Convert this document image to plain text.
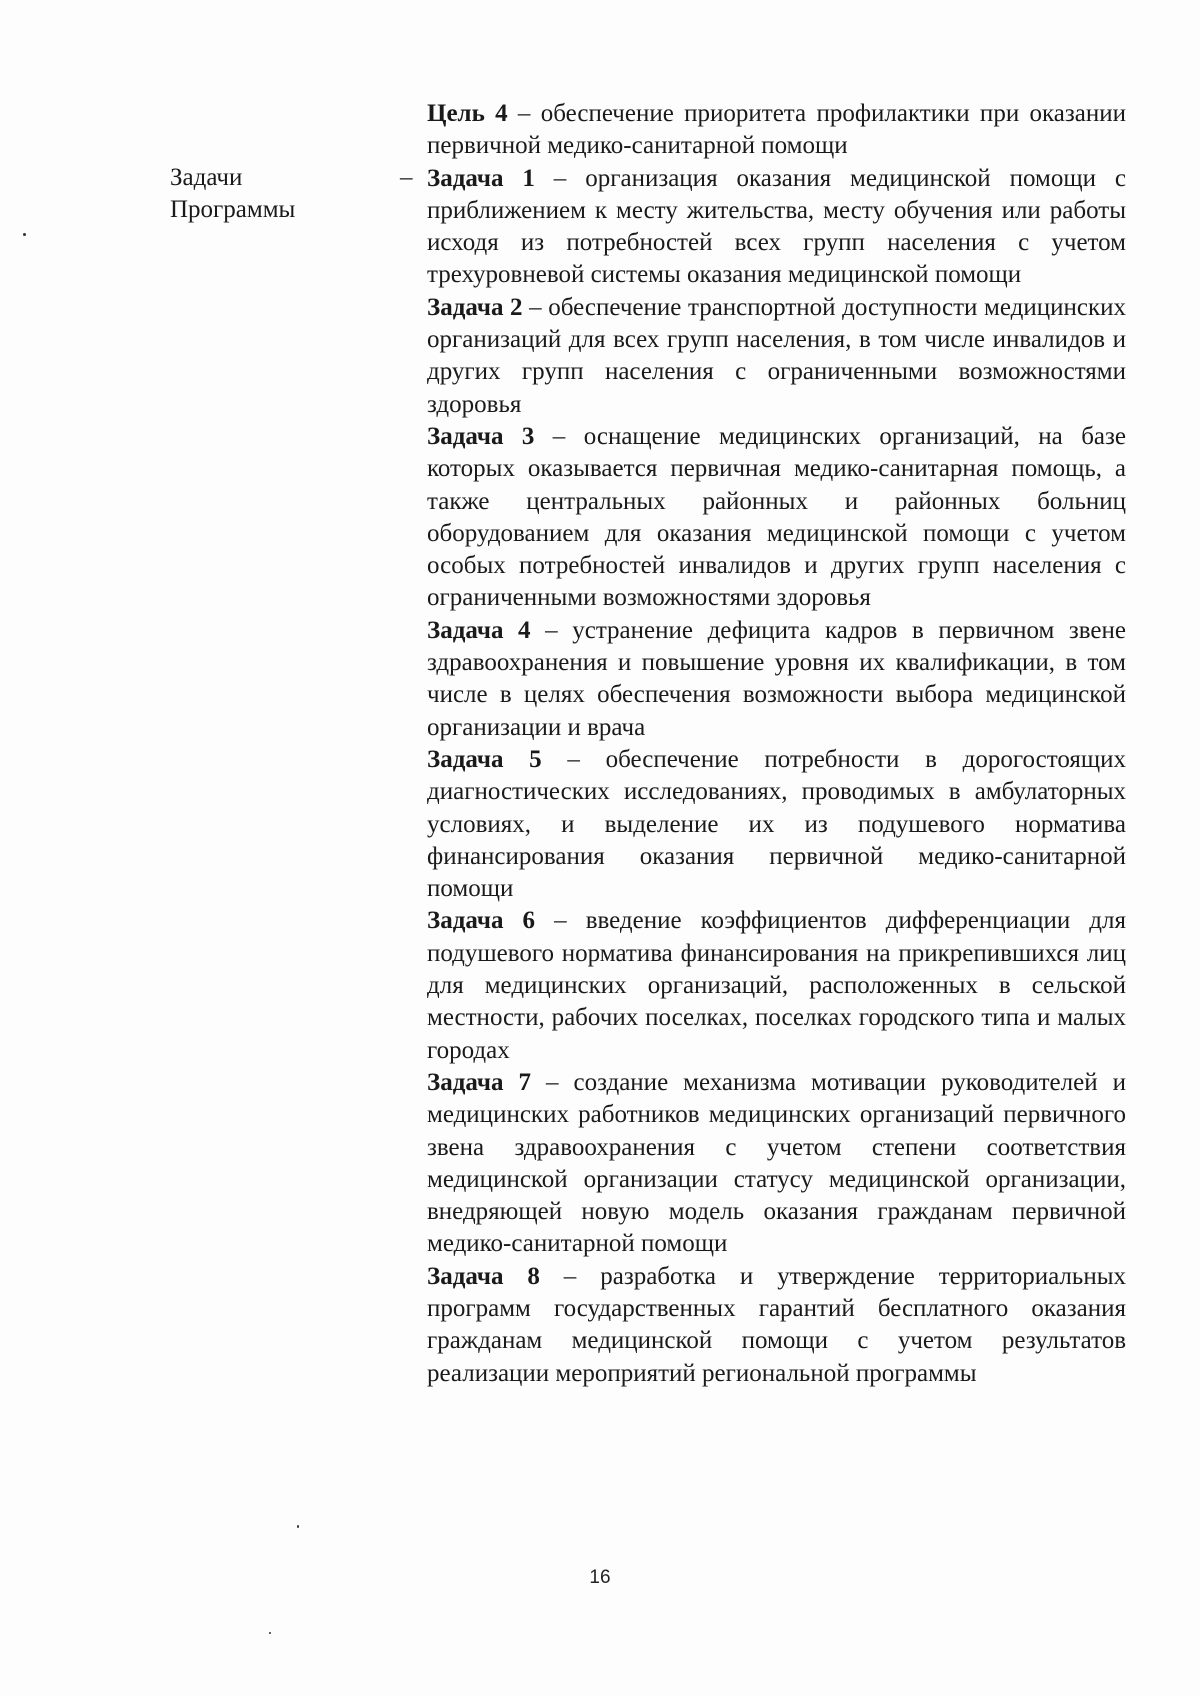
Задачи
Программы
–

Цель 4 – обеспечение приоритета профилактики при оказании первичной медико-санитарной помощи

Задача 1 – организация оказания медицинской помощи с приближением к месту жительства, месту обучения или работы исходя из потребностей всех групп населения с учетом трехуровневой системы оказания медицинской помощи

Задача 2 – обеспечение транспортной доступности медицинских организаций для всех групп населения, в том числе инвалидов и других групп населения с ограниченными возможностями здоровья

Задача 3 – оснащение медицинских организаций, на базе которых оказывается первичная медико-санитарная помощь, а также центральных районных и районных больниц оборудованием для оказания медицинской помощи с учетом особых потребностей инвалидов и других групп населения с ограниченными возможностями здоровья

Задача 4 – устранение дефицита кадров в первичном звене здравоохранения и повышение уровня их квалификации, в том числе в целях обеспечения возможности выбора медицинской организации и врача

Задача 5 – обеспечение потребности в дорогостоящих диагностических исследованиях, проводимых в амбулаторных условиях, и выделение их из подушевого норматива финансирования оказания первичной медико-санитарной помощи

Задача 6 – введение коэффициентов дифференциации для подушевого норматива финансирования на прикрепившихся лиц для медицинских организаций, расположенных в сельской местности, рабочих поселках, поселках городского типа и малых городах

Задача 7 – создание механизма мотивации руководителей и медицинских работников медицинских организаций первичного звена здравоохранения с учетом степени соответствия медицинской организации статусу медицинской организации, внедряющей новую модель оказания гражданам первичной медико-санитарной помощи

Задача 8 – разработка и утверждение территориальных программ государственных гарантий бесплатного оказания гражданам медицинской помощи с учетом результатов реализации мероприятий региональной программы

16
